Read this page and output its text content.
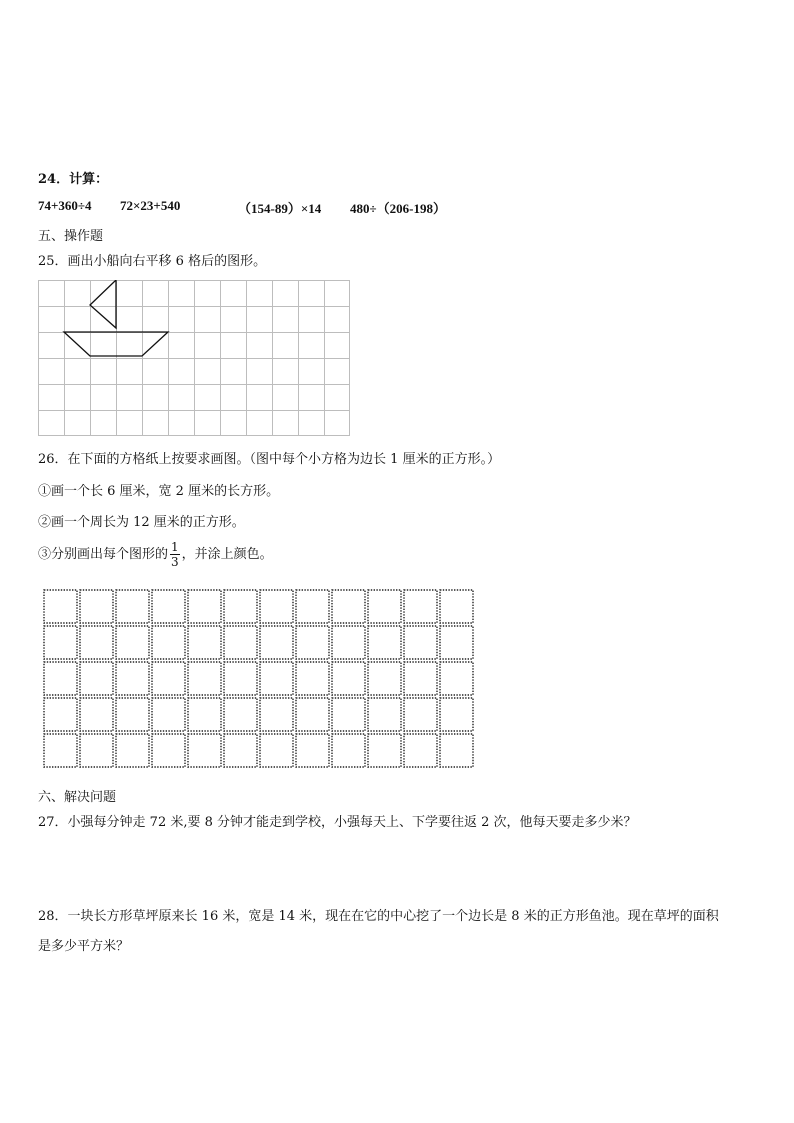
24．计算：
74+360÷4 72×23+540	（154-89）×14 480÷（206-198）
五、操作题
25．画出小船向右平移 6 格后的图形。
26．在下面的方格纸上按要求画图。（图中每个小方格为边长 1 厘米的正方形。）
①画一个长 6 厘米，宽 2 厘米的长方形。
②画一个周长为 12 厘米的正方形。
③分别画出每个图形的 $\frac{1}{3}$ ，并涂上颜色。
六、解决问题
27．小强每分钟走 72 米,要 8 分钟才能走到学校，小强每天上、下学要往返 2 次，他每天要走多少米？
28．一块长方形草坪原来长 16 米，宽是 14 米，现在在它的中心挖了一个边长是 8 米的正方形鱼池。现在草坪的面积
是多少平方米？
